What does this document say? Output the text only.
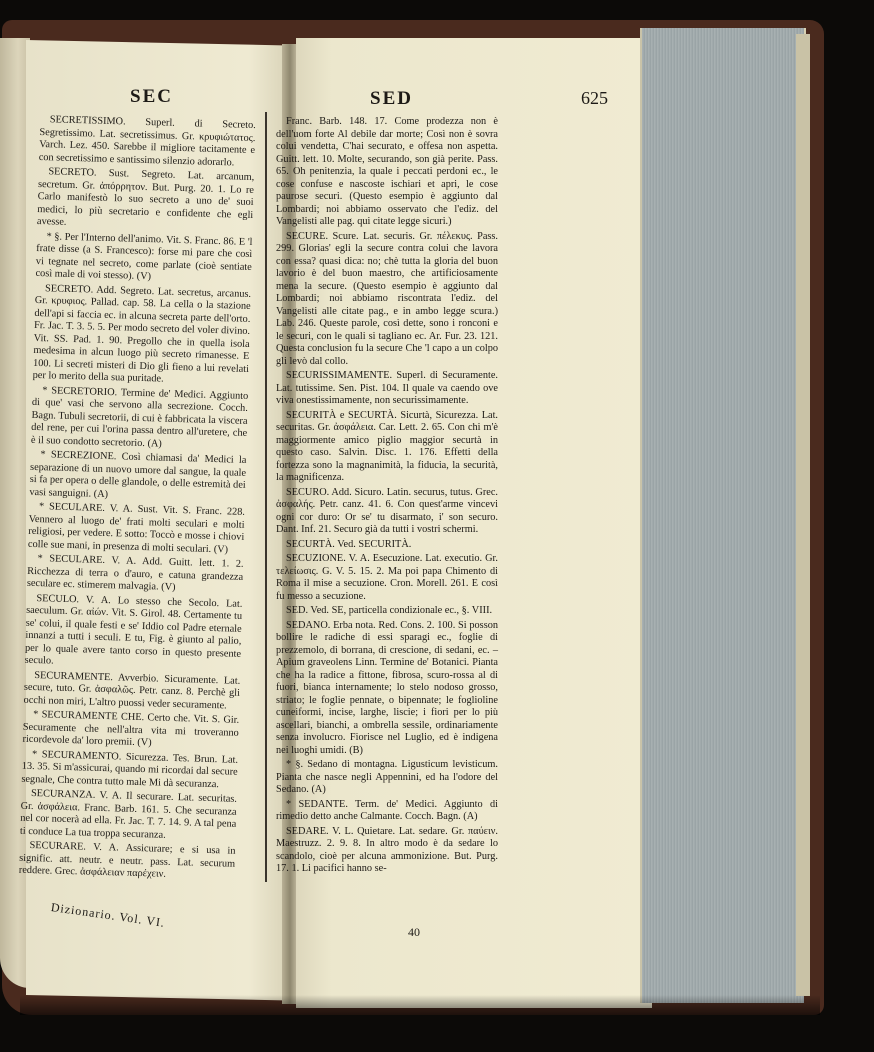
SEC	SED	625

SECRETISSIMO. Superl. di Secreto. Segretissimo. Lat. secretissimus. Gr. κρυφιώτατος. Varch. Lez. 450. Sarebbe il migliore tacitamente e con secretissimo e santissimo silenzio adorarlo.

SECRETO. Sust. Segreto. Lat. arcanum, secretum. Gr. ἀπόρρητον. But. Purg. 20. 1. Lo re Carlo manifestò lo suo secreto a uno de' suoi medici, lo più secretario e confidente che egli avesse.

* §. Per l'Interno dell'animo. Vit. S. Franc. 86. E 'l frate disse (a S. Francesco): forse mi pare che così vi tegnate nel secreto, come parlate (cioè sentiate così male di voi stesso). (V)

SECRETO. Add. Segreto. Lat. secretus, arcanus. Gr. κρυφιος. Pallad. cap. 58. La cella o la stazione dell'api si faccia ec. in alcuna secreta parte dell'orto. Fr. Jac. T. 3. 5. 5. Per modo secreto del voler divino. Vit. SS. Pad. 1. 90. Pregollo che in quella isola medesima in alcun luogo più secreto rimanesse. E 100. Li secreti misteri di Dio gli fieno a lui revelati per lo merito della sua puritade.

* SECRETORIO. Termine de' Medici. Aggiunto di que' vasi che servono alla secrezione. Cocch. Bagn. Tubuli secretorii, di cui è fabbricata la viscera del rene, per cui l'orina passa dentro all'uretere, che è il suo condotto secretorio. (A)

* SECREZIONE. Così chiamasi da' Medici la separazione di un nuovo umore dal sangue, la quale si fa per opera o delle glandole, o delle estremità dei vasi sanguigni. (A)

* SECULARE. V. A. Sust. Vit. S. Franc. 228. Vennero al luogo de' frati molti seculari e molti religiosi, per vedere. E sotto: Toccò e mosse i chiovi colle sue mani, in presenza di molti seculari. (V)

* SECULARE. V. A. Add. Guitt. lett. 1. 2. Ricchezza di terra o d'auro, e catuna grandezza seculare ec. stimerem malvagia. (V)

SECULO. V. A. Lo stesso che Secolo. Lat. saeculum. Gr. αἰών. Vit. S. Girol. 48. Certamente tu se' colui, il quale festi e se' Iddio col Padre eternale innanzi a tutti i seculi. E tu, Fig. è giunto al palio, per lo quale avere tanto corso in questo presente seculo.

SECURAMENTE. Avverbio. Sicuramente. Lat. secure, tuto. Gr. ἀσφαλῶς. Petr. canz. 8. Perchè gli occhi non miri, L'altro puossi veder securamente.

* SECURAMENTE CHE. Certo che. Vit. S. Gir. Securamente che nell'altra vita mi troveranno ricordevole da' loro premii. (V)

* SECURAMENTO. Sicurezza. Tes. Brun. Lat. 13. 35. Si m'assicurai, quando mi ricordai dal secure segnale, Che contra tutto male Mi dà securanza.

SECURANZA. V. A. Il securare. Lat. securitas. Gr. ἀσφάλεια. Franc. Barb. 161. 5. Che securanza nel cor nocerà ad ella. Fr. Jac. T. 7. 14. 9. A tal pena ti conduce La tua troppa securanza.

SECURARE. V. A. Assicurare; e si usa in signific. att. neutr. e neutr. pass. Lat. securum reddere. Grec. ἀσφάλειαν παρέχειν.

Franc. Barb. 148. 17. Come prodezza non è dell'uom forte Al debile dar morte; Così non è sovra colui vendetta, C'hai securato, e offesa non aspetta. Guitt. lett. 10. Molte, securando, son già perite. Pass. 65. Oh penitenzia, la quale i peccati perdoni ec., le cose confuse e nascoste ischiari et apri, le cose paurose securi. (Questo esempio è aggiunto dal Lombardi; noi abbiamo osservato che l'ediz. del Vangelisti alle pag. qui citate legge sicuri.)

SECURE. Scure. Lat. securis. Gr. πέλεκυς. Pass. 299. Glorias' egli la secure contra colui che lavora con essa? quasi dica: no; chè tutta la gloria del buon lavorio è del buon maestro, che artificiosamente mena la secure. (Questo esempio è aggiunto dal Lombardi; noi abbiamo riscontrata l'ediz. del Vangelisti alle citate pag., e in ambo legge scura.) Lab. 246. Queste parole, così dette, sono i ronconi e le securi, con le quali si tagliano ec. Ar. Fur. 23. 121. Questa conclusion fu la secure Che 'l capo a un colpo gli levò dal collo.

SECURISSIMAMENTE. Superl. di Securamente. Lat. tutissime. Sen. Pist. 104. Il quale va caendo ove viva onestissimamente, non securissimamente.

SECURITÀ e SECURTÀ. Sicurtà, Sicurezza. Lat. securitas. Gr. ἀσφάλεια. Car. Lett. 2. 65. Con chi m'è maggiormente amico piglio maggior securtà in questo caso. Salvin. Disc. 1. 176. Effetti della fortezza sono la magnanimità, la fiducia, la securità, la magnificenza.

SECURO. Add. Sicuro. Latin. securus, tutus. Grec. ἀσφαλής. Petr. canz. 41. 6. Con quest'arme vincevi ogni cor duro: Or se' tu disarmato, i' son securo. Dant. Inf. 21. Securo già da tutti i vostri schermi.

SECURTÀ. Ved. SECURITÀ.

SECUZIONE. V. A. Esecuzione. Lat. executio. Gr. τελείωσις. G. V. 5. 15. 2. Ma poi papa Chimento di Roma il mise a secuzione. Cron. Morell. 261. E così fu messo a secuzione.

SED. Ved. SE, particella condizionale ec., §. VIII.

SEDANO. Erba nota. Red. Cons. 2. 100. Si posson bollire le radiche di essi sparagi ec., foglie di prezzemolo, di borrana, di crescione, di sedani, ec. – Apium graveolens Linn. Termine de' Botanici. Pianta che ha la radice a fittone, fibrosa, scuro-rossa al di fuori, bianca internamente; lo stelo nodoso grosso, striato; le foglie pennate, o bipennate; le foglioline cuneiformi, incise, larghe, liscie; i fiori per lo più ascellari, bianchi, a ombrella sessile, ordinariamente senza involucro. Fiorisce nel Luglio, ed è indigena nei luoghi umidi. (B)

* §. Sedano di montagna. Ligusticum levisticum. Pianta che nasce negli Appennini, ed ha l'odore del Sedano. (A)

* SEDANTE. Term. de' Medici. Aggiunto di rimedio detto anche Calmante. Cocch. Bagn. (A)

SEDARE. V. L. Quietare. Lat. sedare. Gr. παύειν. Maestruzz. 2. 9. 8. In altro modo è da sedare lo scandolo, cioè per alcuna ammonizione. But. Purg. 17. 1. Li pacifici hanno se-

Dizionario. Vol. VI.

40
